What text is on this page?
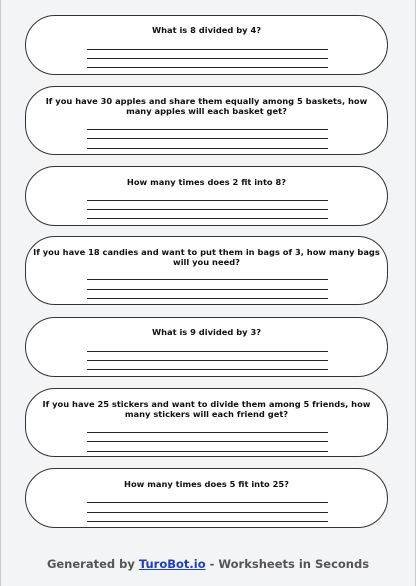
What is 8 divided by 4?
If you have 30 apples and share them equally among 5 baskets, how many apples will each basket get?
How many times does 2 fit into 8?
If you have 18 candies and want to put them in bags of 3, how many bags will you need?
What is 9 divided by 3?
If you have 25 stickers and want to divide them among 5 friends, how many stickers will each friend get?
How many times does 5 fit into 25?
Generated by TuroBot.io - Worksheets in Seconds
